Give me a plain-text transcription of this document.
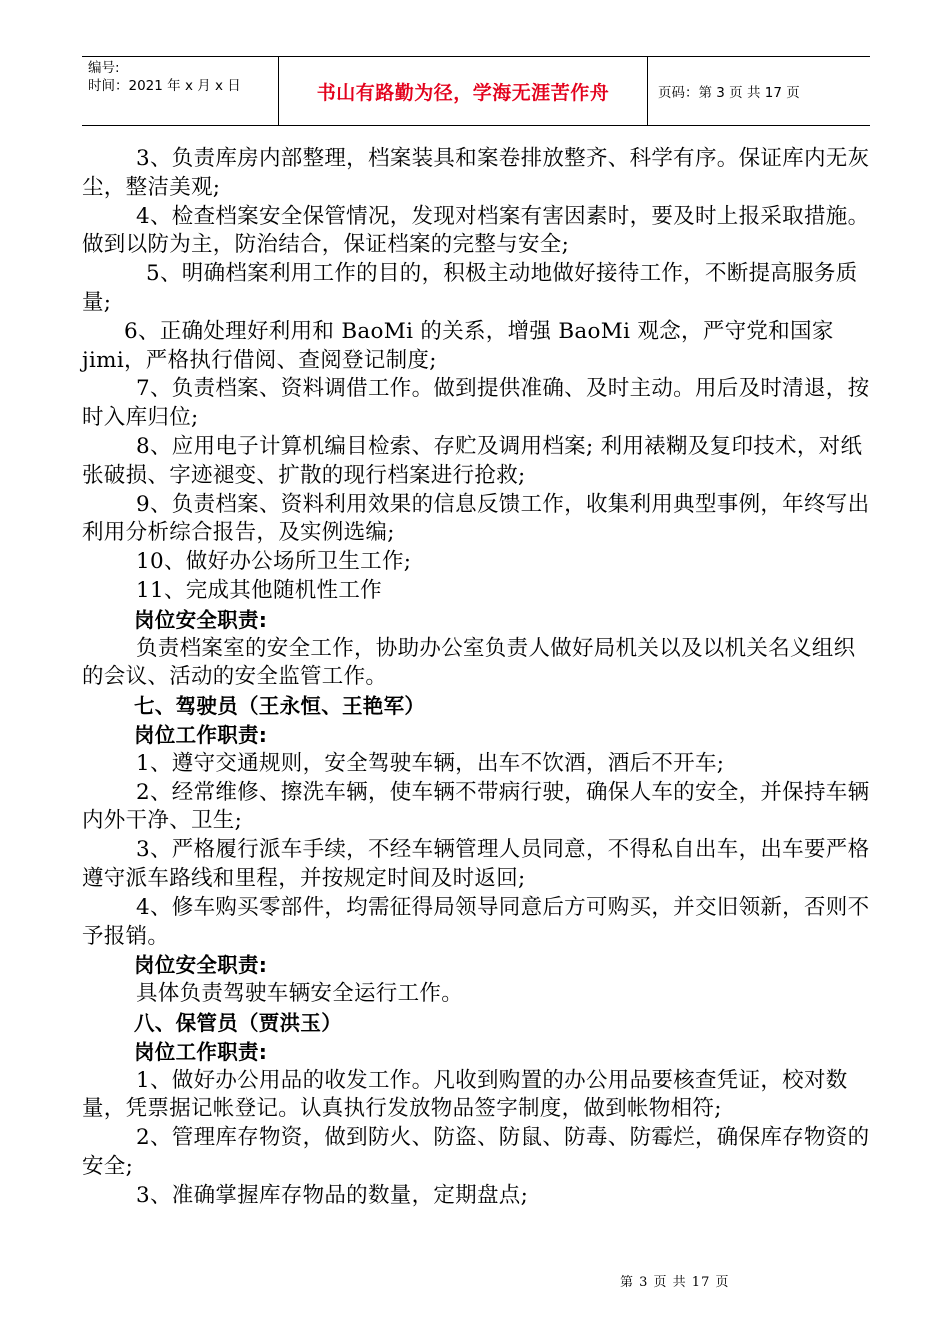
编号:
时间：2021 年 x 月 x 日	书山有路勤为径，学海无涯苦作舟	页码：第 3 页 共 17 页

3、负责库房内部整理，档案装具和案卷排放整齐、科学有序。保证库内无灰尘，整洁美观;

4、检查档案安全保管情况，发现对档案有害因素时，要及时上报采取措施。做到以防为主，防治结合，保证档案的完整与安全;

5、明确档案利用工作的目的，积极主动地做好接待工作，不断提高服务质量;

6、正确处理好利用和 BaoMi 的关系，增强 BaoMi 观念，严守党和国家 jimi，严格执行借阅、查阅登记制度;

7、负责档案、资料调借工作。做到提供准确、及时主动。用后及时清退，按时入库归位;

8、应用电子计算机编目检索、存贮及调用档案; 利用裱糊及复印技术，对纸张破损、字迹褪变、扩散的现行档案进行抢救;

9、负责档案、资料利用效果的信息反馈工作，收集利用典型事例，年终写出利用分析综合报告，及实例选编;

10、做好办公场所卫生工作;

11、完成其他随机性工作

岗位安全职责:

负责档案室的安全工作，协助办公室负责人做好局机关以及以机关名义组织的会议、活动的安全监管工作。

七、驾驶员（王永恒、王艳军）

岗位工作职责:

1、遵守交通规则，安全驾驶车辆，出车不饮酒，酒后不开车;

2、经常维修、擦洗车辆，使车辆不带病行驶，确保人车的安全，并保持车辆内外干净、卫生;

3、严格履行派车手续，不经车辆管理人员同意，不得私自出车，出车要严格遵守派车路线和里程，并按规定时间及时返回;

4、修车购买零部件，均需征得局领导同意后方可购买，并交旧领新，否则不予报销。

岗位安全职责:

具体负责驾驶车辆安全运行工作。

八、保管员（贾洪玉）

岗位工作职责:

1、做好办公用品的收发工作。凡收到购置的办公用品要核查凭证，校对数量，凭票据记帐登记。认真执行发放物品签字制度，做到帐物相符;

2、管理库存物资，做到防火、防盗、防鼠、防毒、防霉烂，确保库存物资的安全;

3、准确掌握库存物品的数量，定期盘点;

第 3 页 共 17 页
